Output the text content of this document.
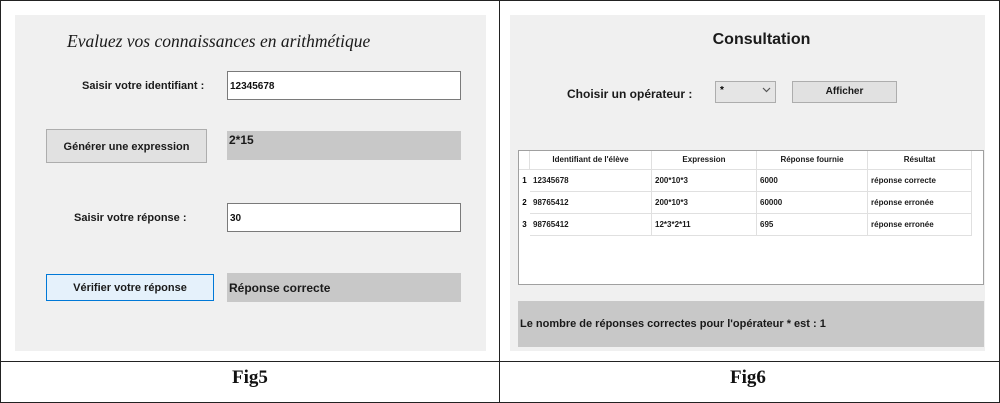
Evaluez vos connaissances en arithmétique
Saisir votre identifiant :	12345678
Générer une expression	2*15
Saisir votre réponse :	30
Vérifier votre réponse	Réponse correcte
Fig5
Consultation
Choisir un opérateur :	*	Afficher
Identifiant de l'élève	Expression	Réponse fournie	Résultat
1 12345678	200*10*3	6000	réponse correcte
2 98765412	200*10*3	60000	réponse erronée
3 98765412	12*3*2*11	695	réponse erronée
Le nombre de réponses correctes pour l'opérateur * est : 1
Fig6
